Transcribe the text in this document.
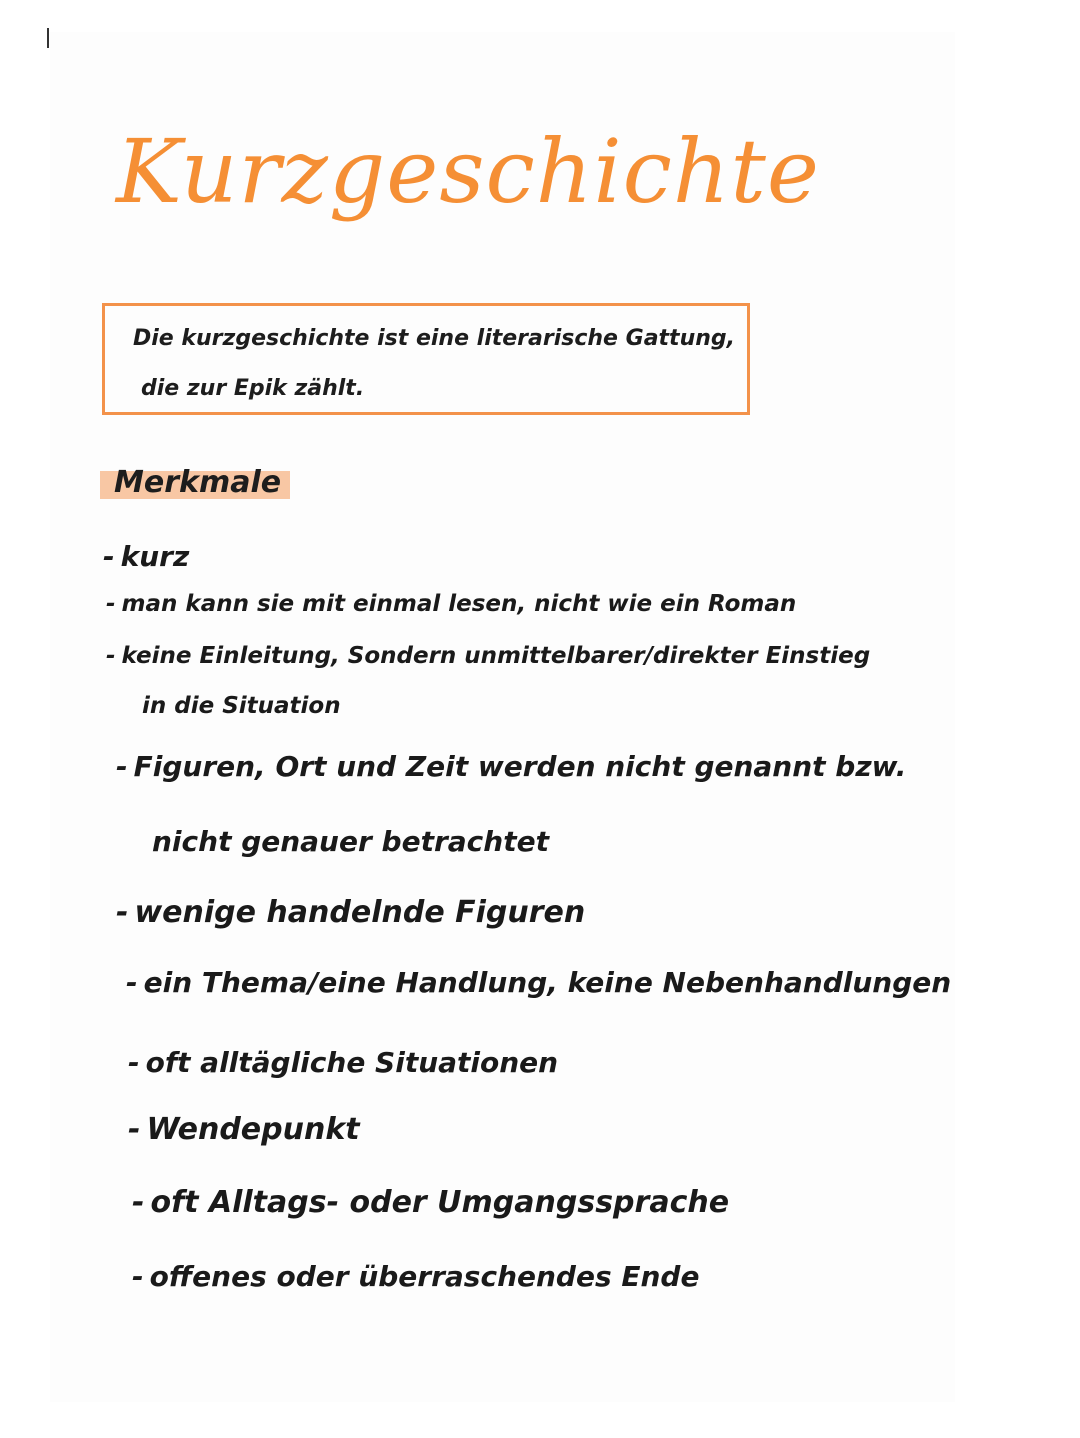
Kurzgeschichte
Die kurzgeschichte ist eine literarische Gattung,
die zur Epik zählt.
Merkmale
- kurz
- man kann sie mit einmal lesen, nicht wie ein Roman
- keine Einleitung, Sondern unmittelbarer/direkter Einstieg
in die Situation
- Figuren, Ort und Zeit werden nicht genannt bzw.
nicht genauer betrachtet
- wenige handelnde Figuren
- ein Thema/eine Handlung, keine Nebenhandlungen
- oft alltägliche Situationen
- Wendepunkt
- oft Alltags- oder Umgangssprache
- offenes oder überraschendes Ende
